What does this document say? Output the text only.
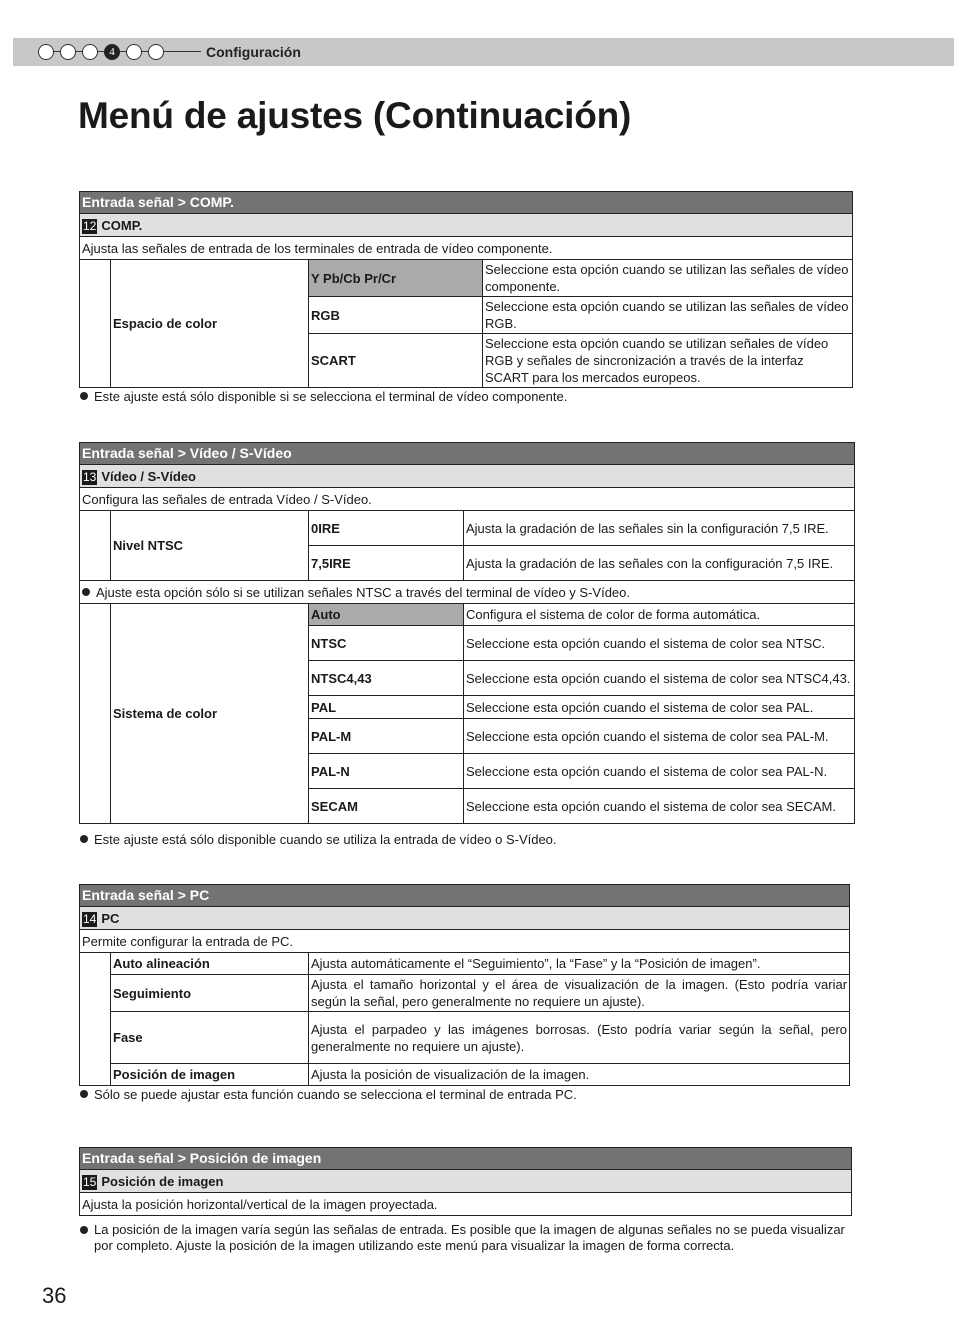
4	Configuración
Menú de ajustes (Continuación)
Entrada señal > COMP.			
12 COMP.			
Ajusta las señales de entrada de los terminales de entrada de vídeo componente.			
	Espacio de color	Y Pb/Cb Pr/Cr	Seleccione esta opción cuando se utilizan las señales de vídeo componente.
		RGB	Seleccione esta opción cuando se utilizan las señales de vídeo RGB.
		SCART	Seleccione esta opción cuando se utilizan señales de vídeo RGB y señales de sincronización a través de la interfaz SCART para los mercados europeos.
Este ajuste está sólo disponible si se selecciona el terminal de vídeo componente.
Entrada señal > Vídeo / S-Vídeo			
13 Vídeo / S-Vídeo			
Configura las señales de entrada Vídeo / S-Vídeo.			
	Nivel NTSC	0IRE	Ajusta la gradación de las señales sin la configuración 7,5 IRE.
		7,5IRE	Ajusta la gradación de las señales con la configuración 7,5 IRE.
Ajuste esta opción sólo si se utilizan señales NTSC a través del terminal de vídeo y S-Vídeo.			
	Sistema de color	Auto	Configura el sistema de color de forma automática.
		NTSC	Seleccione esta opción cuando el sistema de color sea NTSC.
		NTSC4,43	Seleccione esta opción cuando el sistema de color sea NTSC4,43.
		PAL	Seleccione esta opción cuando el sistema de color sea PAL.
		PAL-M	Seleccione esta opción cuando el sistema de color sea PAL-M.
		PAL-N	Seleccione esta opción cuando el sistema de color sea PAL-N.
		SECAM	Seleccione esta opción cuando el sistema de color sea SECAM.
Este ajuste está sólo disponible cuando se utiliza la entrada de vídeo o S-Vídeo.
Entrada señal > PC		
14 PC		
Permite configurar la entrada de PC.		
	Auto alineación	Ajusta automáticamente el “Seguimiento”, la “Fase” y la “Posición de imagen”.
	Seguimiento	Ajusta el tamaño horizontal y el área de visualización de la imagen. (Esto podría variar según la señal, pero generalmente no requiere un ajuste).
	Fase	Ajusta el parpadeo y las imágenes borrosas. (Esto podría variar según la señal, pero generalmente no requiere un ajuste).
	Posición de imagen	Ajusta la posición de visualización de la imagen.
Sólo se puede ajustar esta función cuando se selecciona el terminal de entrada PC.
Entrada señal > Posición de imagen
15 Posición de imagen
Ajusta la posición horizontal/vertical de la imagen proyectada.
La posición de la imagen varía según las señalas de entrada. Es posible que la imagen de algunas señales no se pueda visualizar por completo. Ajuste la posición de la imagen utilizando este menú para visualizar la imagen de forma correcta.
36
